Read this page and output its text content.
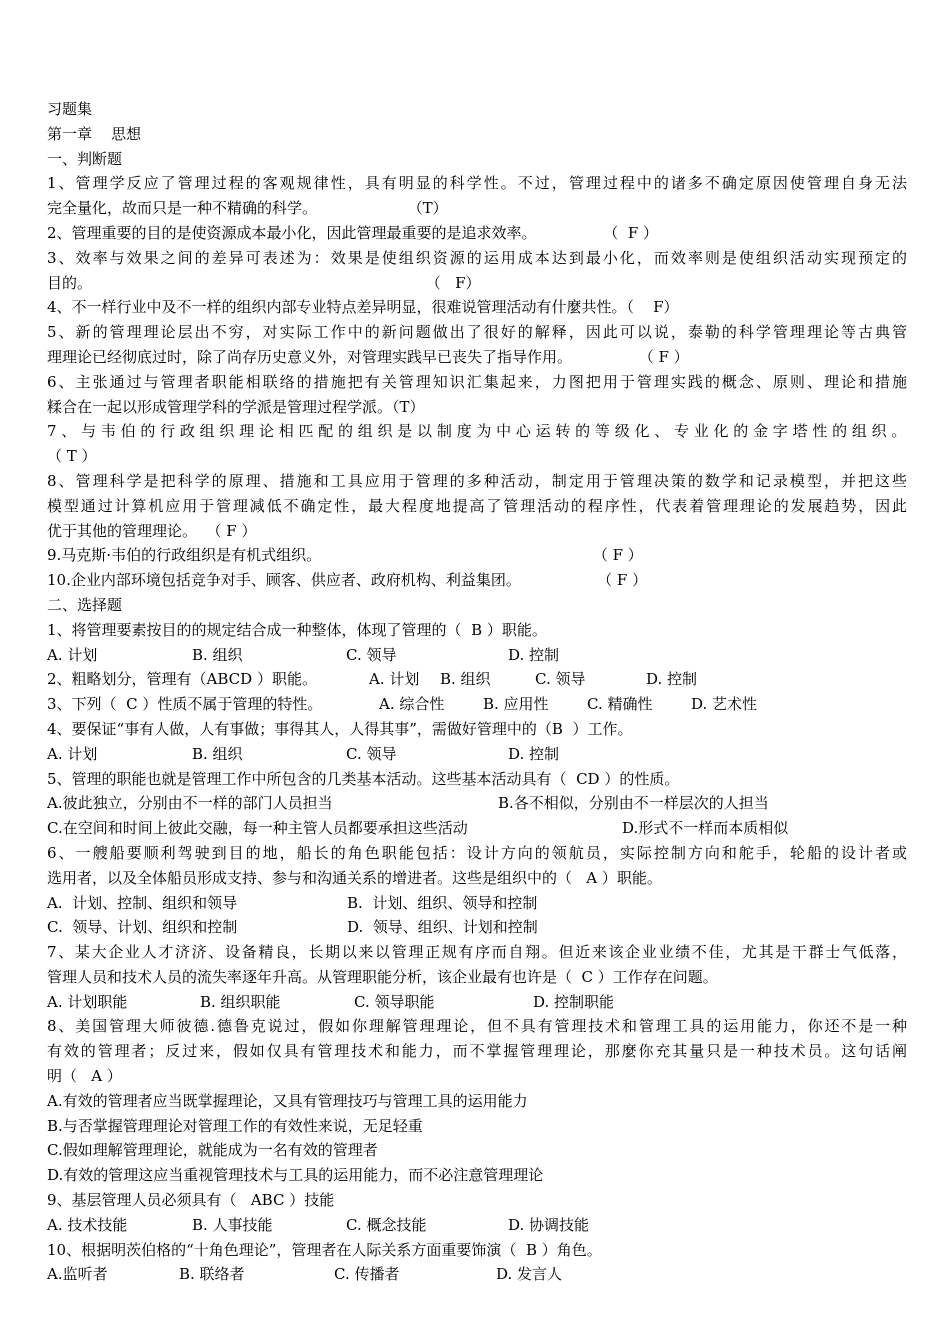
习题集
第一章    思想
一、判断题
1、管理学反应了管理过程的客观规律性，具有明显的科学性。不过，管理过程中的诸多不确定原因使管理自身无法
完全量化，故而只是一种不精确的科学。                   （T）
2、管理重要的目的是使资源成本最小化，因此管理最重要的是追求效率。              （  F ）
3、效率与效果之间的差异可表述为：效果是使组织资源的运用成本达到最小化，而效率则是使组织活动实现预定的
目的。                                                                      （   F）
4、不一样行业中及不一样的组织内部专业特点差异明显，很难说管理活动有什麼共性。（    F）
5、新的管理理论层出不穷，对实际工作中的新问题做出了很好的解释，因此可以说，泰勒的科学管理理论等古典管
理理论已经彻底过时，除了尚存历史意义外，对管理实践早已丧失了指导作用。              （ F ）
6、主张通过与管理者职能相联络的措施把有关管理知识汇集起来，力图把用于管理实践的概念、原则、理论和措施
糅合在一起以形成管理学科的学派是管理过程学派。（T）
7、与韦伯的行政组织理论相匹配的组织是以制度为中心运转的等级化、专业化的金字塔性的组织。
（ T ）
8、管理科学是把科学的原理、措施和工具应用于管理的多种活动，制定用于管理决策的数学和记录模型，并把这些
模型通过计算机应用于管理减低不确定性，最大程度地提高了管理活动的程序性，代表着管理理论的发展趋势，因此
优于其他的管理理论。  （ F ）
9.马克斯·韦伯的行政组织是有机式组织。                                                         （ F ）
10.企业内部环境包括竞争对手、顾客、供应者、政府机构、利益集团。                （ F ）
二、选择题
1、将管理要素按目的的规定结合成一种整体，体现了管理的（  B ）职能。
A. 计划	B. 组织	C. 领导	D. 控制
2、粗略划分，管理有（ABCD ）职能。	A. 计划	B. 组织	C. 领导	D. 控制
3、下列（  C ）性质不属于管理的特性。	A. 综合性	B. 应用性	C. 精确性	D. 艺术性
4、要保证“事有人做，人有事做；事得其人，人得其事”，需做好管理中的（B  ）工作。
A. 计划	B. 组织	C. 领导	D. 控制
5、管理的职能也就是管理工作中所包含的几类基本活动。这些基本活动具有（  CD ）的性质。
A.彼此独立，分别由不一样的部门人员担当	B.各不相似，分别由不一样层次的人担当
C.在空间和时间上彼此交融，每一种主管人员都要承担这些活动	D.形式不一样而本质相似
6、一艘船要顺利驾驶到目的地，船长的角色职能包括：设计方向的领航员，实际控制方向和舵手，轮船的设计者或
选用者，以及全体船员形成支持、参与和沟通关系的增进者。这些是组织中的（   A ）职能。
A.  计划、控制、组织和领导	B.  计划、组织、领导和控制
C.  领导、计划、组织和控制	D.  领导、组织、计划和控制
7、某大企业人才济济、设备精良，长期以来以管理正规有序而自翔。但近来该企业业绩不佳，尤其是干群士气低落，
管理人员和技术人员的流失率逐年升高。从管理职能分析，该企业最有也许是（  C ）工作存在问题。
A. 计划职能	B. 组织职能	C. 领导职能	D. 控制职能
8、美国管理大师彼德.德鲁克说过，假如你理解管理理论，但不具有管理技术和管理工具的运用能力，你还不是一种
有效的管理者；反过来，假如仅具有管理技术和能力，而不掌握管理理论，那麼你充其量只是一种技术员。这句话阐
明（   A ）
A.有效的管理者应当既掌握理论，又具有管理技巧与管理工具的运用能力
B.与否掌握管理理论对管理工作的有效性来说，无足轻重
C.假如理解管理理论，就能成为一名有效的管理者
D.有效的管理这应当重视管理技术与工具的运用能力，而不必注意管理理论
9、基层管理人员必须具有（   ABC ）技能
A. 技术技能	B. 人事技能	C. 概念技能	D. 协调技能
10、根据明茨伯格的“十角色理论”，管理者在人际关系方面重要饰演（  B ）角色。
A.监听者	B. 联络者	C. 传播者	D. 发言人
